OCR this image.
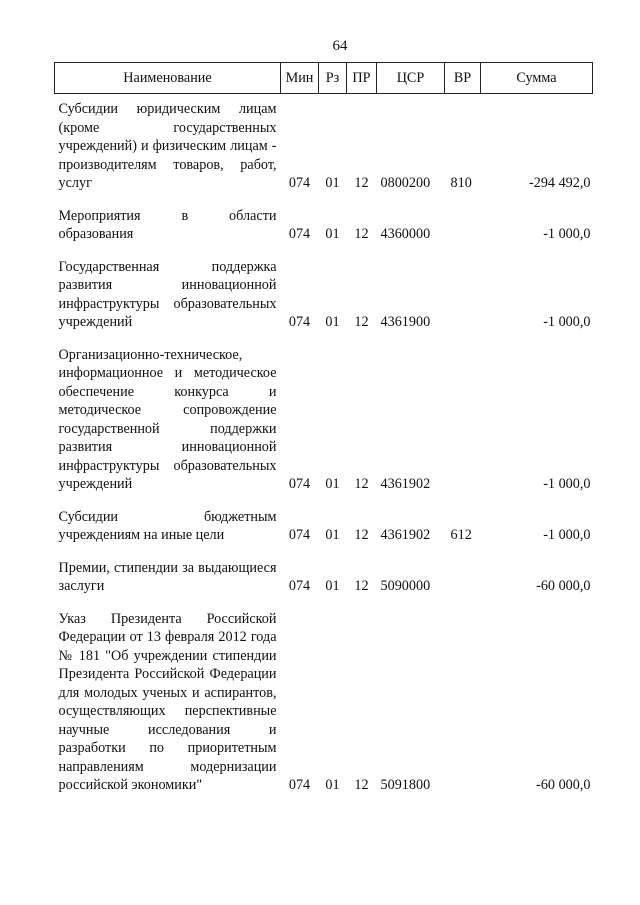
64
Наименование	Мин	Рз	ПР	ЦСР	ВР	Сумма
Субсидии юридическим лицам (кроме государственных учреждений) и физическим лицам - производителям товаров, работ, услуг	074	01	12	0800200	810	-294 492,0
Мероприятия в области образования	074	01	12	4360000		-1 000,0
Государственная поддержка развития инновационной инфраструктуры образовательных учреждений	074	01	12	4361900		-1 000,0
Организационно-техническое, информационное и методическое обеспечение конкурса и методическое сопровождение государственной поддержки развития инновационной инфраструктуры образовательных учреждений	074	01	12	4361902		-1 000,0
Субсидии бюджетным учреждениям на иные цели	074	01	12	4361902	612	-1 000,0
Премии, стипендии за выдающиеся заслуги	074	01	12	5090000		-60 000,0
Указ Президента Российской Федерации от 13 февраля 2012 года № 181 "Об учреждении стипендии Президента Российской Федерации для молодых ученых и аспирантов, осуществляющих перспективные научные исследования и разработки по приоритетным направлениям модернизации российской экономики"	074	01	12	5091800		-60 000,0
